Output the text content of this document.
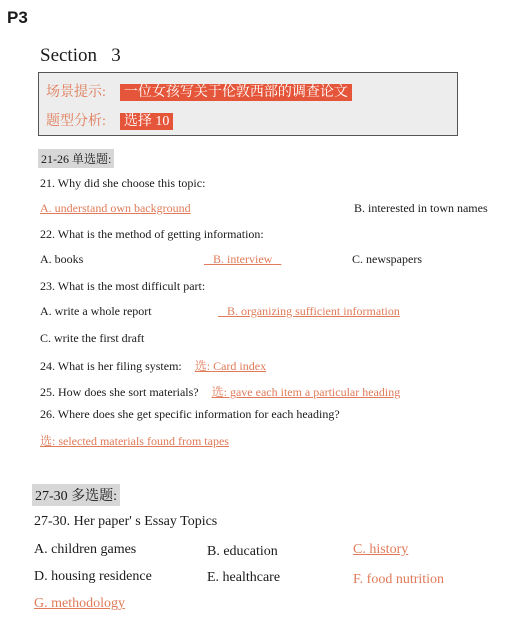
P3
Section 3
场景提示: 一位女孩写关于伦敦西部的调查论文
题型分析: 选择 10
21-26 单选题:
21. Why did she choose this topic:
A. understand own background	B. interested in town names
22. What is the method of getting information:
A. books	B. interview	C. newspapers
23. What is the most difficult part:
A. write a whole report	B. organizing sufficient information
C. write the first draft
24. What is her filing system: 选: Card index
25. How does she sort materials? 选: gave each item a particular heading
26. Where does she get specific information for each heading?
选: selected materials found from tapes
27-30 多选题:
27-30. Her paper' s Essay Topics
A. children games	B. education	C. history
D. housing residence	E. healthcare	F. food nutrition
G. methodology
